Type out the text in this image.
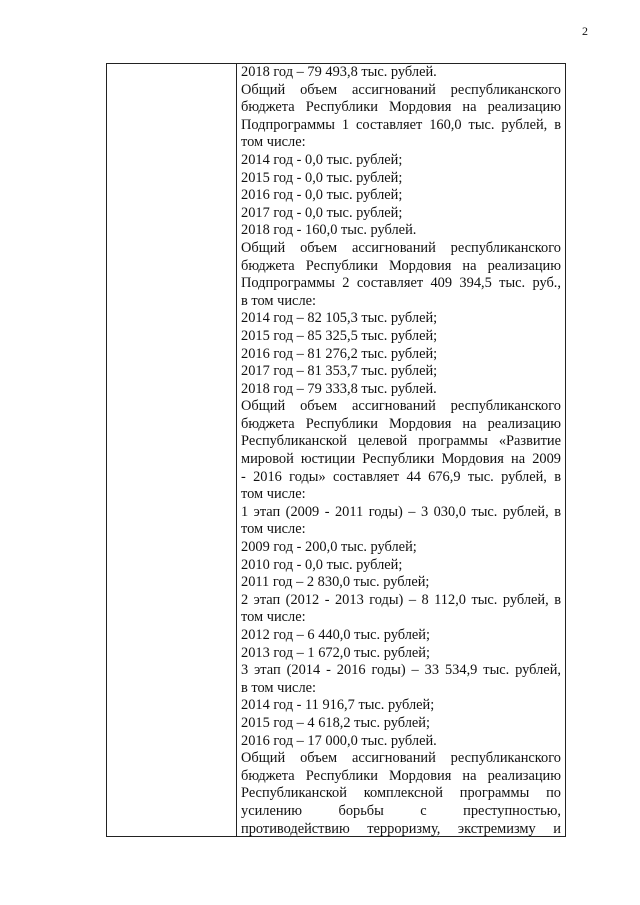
2
2018 год – 79 493,8 тыс. рублей.
Общий объем ассигнований республиканского
бюджета Республики Мордовия на реализацию
Подпрограммы 1 составляет 160,0 тыс. рублей, в
том числе:
2014 год - 0,0 тыс. рублей;
2015 год - 0,0 тыс. рублей;
2016 год - 0,0 тыс. рублей;
2017 год - 0,0 тыс. рублей;
2018 год - 160,0 тыс. рублей.
Общий объем ассигнований республиканского
бюджета Республики Мордовия на реализацию
Подпрограммы 2 составляет 409 394,5 тыс. руб.,
в том числе:
2014 год – 82 105,3 тыс. рублей;
2015 год – 85 325,5 тыс. рублей;
2016 год – 81 276,2 тыс. рублей;
2017 год – 81 353,7 тыс. рублей;
2018 год – 79 333,8 тыс. рублей.
Общий объем ассигнований республиканского
бюджета Республики Мордовия на реализацию
Республиканской целевой программы «Развитие
мировой юстиции Республики Мордовия на 2009
- 2016 годы» составляет 44 676,9 тыс. рублей, в
том числе:
1 этап (2009 - 2011 годы) – 3 030,0 тыс. рублей, в
том числе:
2009 год - 200,0 тыс. рублей;
2010 год - 0,0 тыс. рублей;
2011 год – 2 830,0 тыс. рублей;
2 этап (2012 - 2013 годы) – 8 112,0 тыс. рублей, в
том числе:
2012 год – 6 440,0 тыс. рублей;
2013 год – 1 672,0 тыс. рублей;
3 этап (2014 - 2016 годы) – 33 534,9 тыс. рублей,
в том числе:
2014 год - 11 916,7 тыс. рублей;
2015 год – 4 618,2 тыс. рублей;
2016 год – 17 000,0 тыс. рублей.
Общий объем ассигнований республиканского
бюджета Республики Мордовия на реализацию
Республиканской комплексной программы по
усилению борьбы с преступностью,
противодействию терроризму, экстремизму и
